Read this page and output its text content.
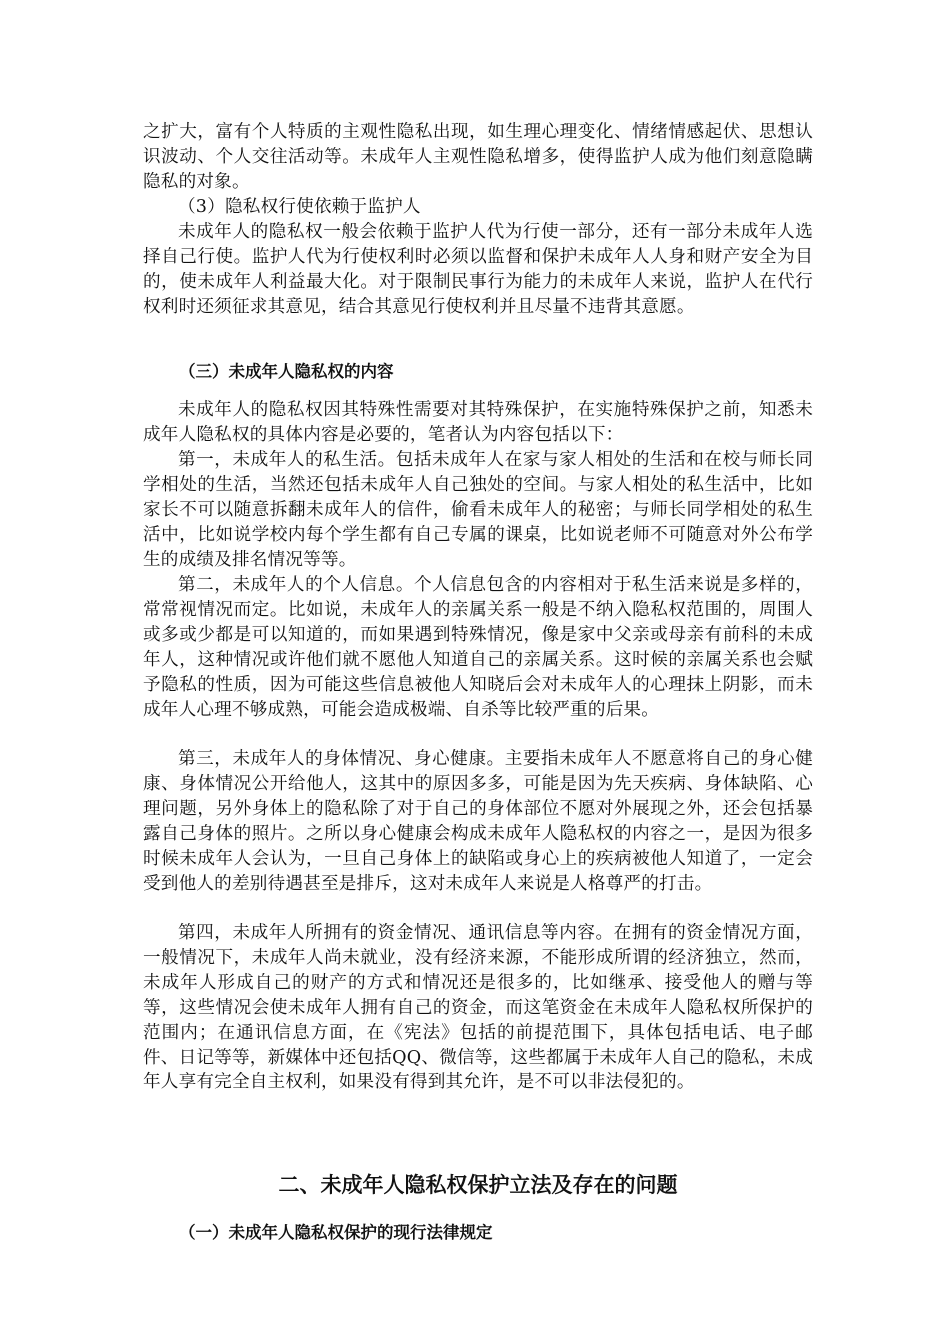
之扩大，富有个人特质的主观性隐私出现，如生理心理变化、情绪情感起伏、思想认识波动、个人交往活动等。未成年人主观性隐私增多，使得监护人成为他们刻意隐瞒隐私的对象。

（3）隐私权行使依赖于监护人

未成年人的隐私权一般会依赖于监护人代为行使一部分，还有一部分未成年人选择自己行使。监护人代为行使权利时必须以监督和保护未成年人人身和财产安全为目的，使未成年人利益最大化。对于限制民事行为能力的未成年人来说，监护人在代行权利时还须征求其意见，结合其意见行使权利并且尽量不违背其意愿。

（三）未成年人隐私权的内容

未成年人的隐私权因其特殊性需要对其特殊保护，在实施特殊保护之前，知悉未成年人隐私权的具体内容是必要的，笔者认为内容包括以下：

第一，未成年人的私生活。包括未成年人在家与家人相处的生活和在校与师长同学相处的生活，当然还包括未成年人自己独处的空间。与家人相处的私生活中，比如家长不可以随意拆翻未成年人的信件，偷看未成年人的秘密；与师长同学相处的私生活中，比如说学校内每个学生都有自己专属的课桌，比如说老师不可随意对外公布学生的成绩及排名情况等等。

第二，未成年人的个人信息。个人信息包含的内容相对于私生活来说是多样的，常常视情况而定。比如说，未成年人的亲属关系一般是不纳入隐私权范围的，周围人或多或少都是可以知道的，而如果遇到特殊情况，像是家中父亲或母亲有前科的未成年人，这种情况或许他们就不愿他人知道自己的亲属关系。这时候的亲属关系也会赋予隐私的性质，因为可能这些信息被他人知晓后会对未成年人的心理抹上阴影，而未成年人心理不够成熟，可能会造成极端、自杀等比较严重的后果。

第三，未成年人的身体情况、身心健康。主要指未成年人不愿意将自己的身心健康、身体情况公开给他人，这其中的原因多多，可能是因为先天疾病、身体缺陷、心理问题，另外身体上的隐私除了对于自己的身体部位不愿对外展现之外，还会包括暴露自己身体的照片。之所以身心健康会构成未成年人隐私权的内容之一，是因为很多时候未成年人会认为，一旦自己身体上的缺陷或身心上的疾病被他人知道了，一定会受到他人的差别待遇甚至是排斥，这对未成年人来说是人格尊严的打击。

第四，未成年人所拥有的资金情况、通讯信息等内容。在拥有的资金情况方面，一般情况下，未成年人尚未就业，没有经济来源，不能形成所谓的经济独立，然而，未成年人形成自己的财产的方式和情况还是很多的，比如继承、接受他人的赠与等等，这些情况会使未成年人拥有自己的资金，而这笔资金在未成年人隐私权所保护的范围内；在通讯信息方面，在《宪法》包括的前提范围下，具体包括电话、电子邮件、日记等等，新媒体中还包括QQ、微信等，这些都属于未成年人自己的隐私，未成年人享有完全自主权利，如果没有得到其允许，是不可以非法侵犯的。

二、未成年人隐私权保护立法及存在的问题
（一）未成年人隐私权保护的现行法律规定
